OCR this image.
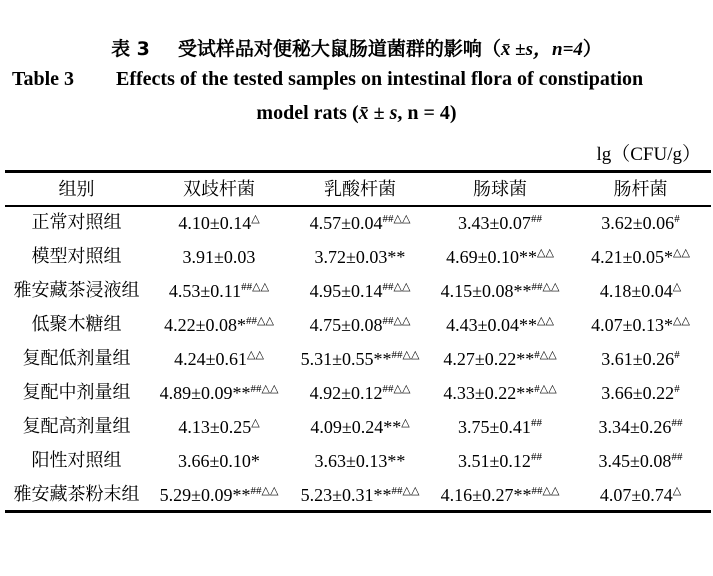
表 3 受试样品对便秘大鼠肠道菌群的影响（x̄ ±s，n=4）
Table 3 Effects of the tested samples on intestinal flora of constipation
model rats (x̄ ± s, n = 4)
lg（CFU/g）
组别	双歧杆菌	乳酸杆菌	肠球菌	肠杆菌
正常对照组	4.10±0.14△	4.57±0.04##△△	3.43±0.07##	3.62±0.06#
模型对照组	3.91±0.03	3.72±0.03**	4.69±0.10**△△	4.21±0.05*△△
雅安藏茶浸液组	4.53±0.11##△△	4.95±0.14##△△	4.15±0.08**##△△	4.18±0.04△
低聚木糖组	4.22±0.08*##△△	4.75±0.08##△△	4.43±0.04**△△	4.07±0.13*△△
复配低剂量组	4.24±0.61△△	5.31±0.55**##△△	4.27±0.22**#△△	3.61±0.26#
复配中剂量组	4.89±0.09**##△△	4.92±0.12##△△	4.33±0.22**#△△	3.66±0.22#
复配高剂量组	4.13±0.25△	4.09±0.24**△	3.75±0.41##	3.34±0.26##
阳性对照组	3.66±0.10*	3.63±0.13**	3.51±0.12##	3.45±0.08##
雅安藏茶粉末组	5.29±0.09**##△△	5.23±0.31**##△△	4.16±0.27**##△△	4.07±0.74△
